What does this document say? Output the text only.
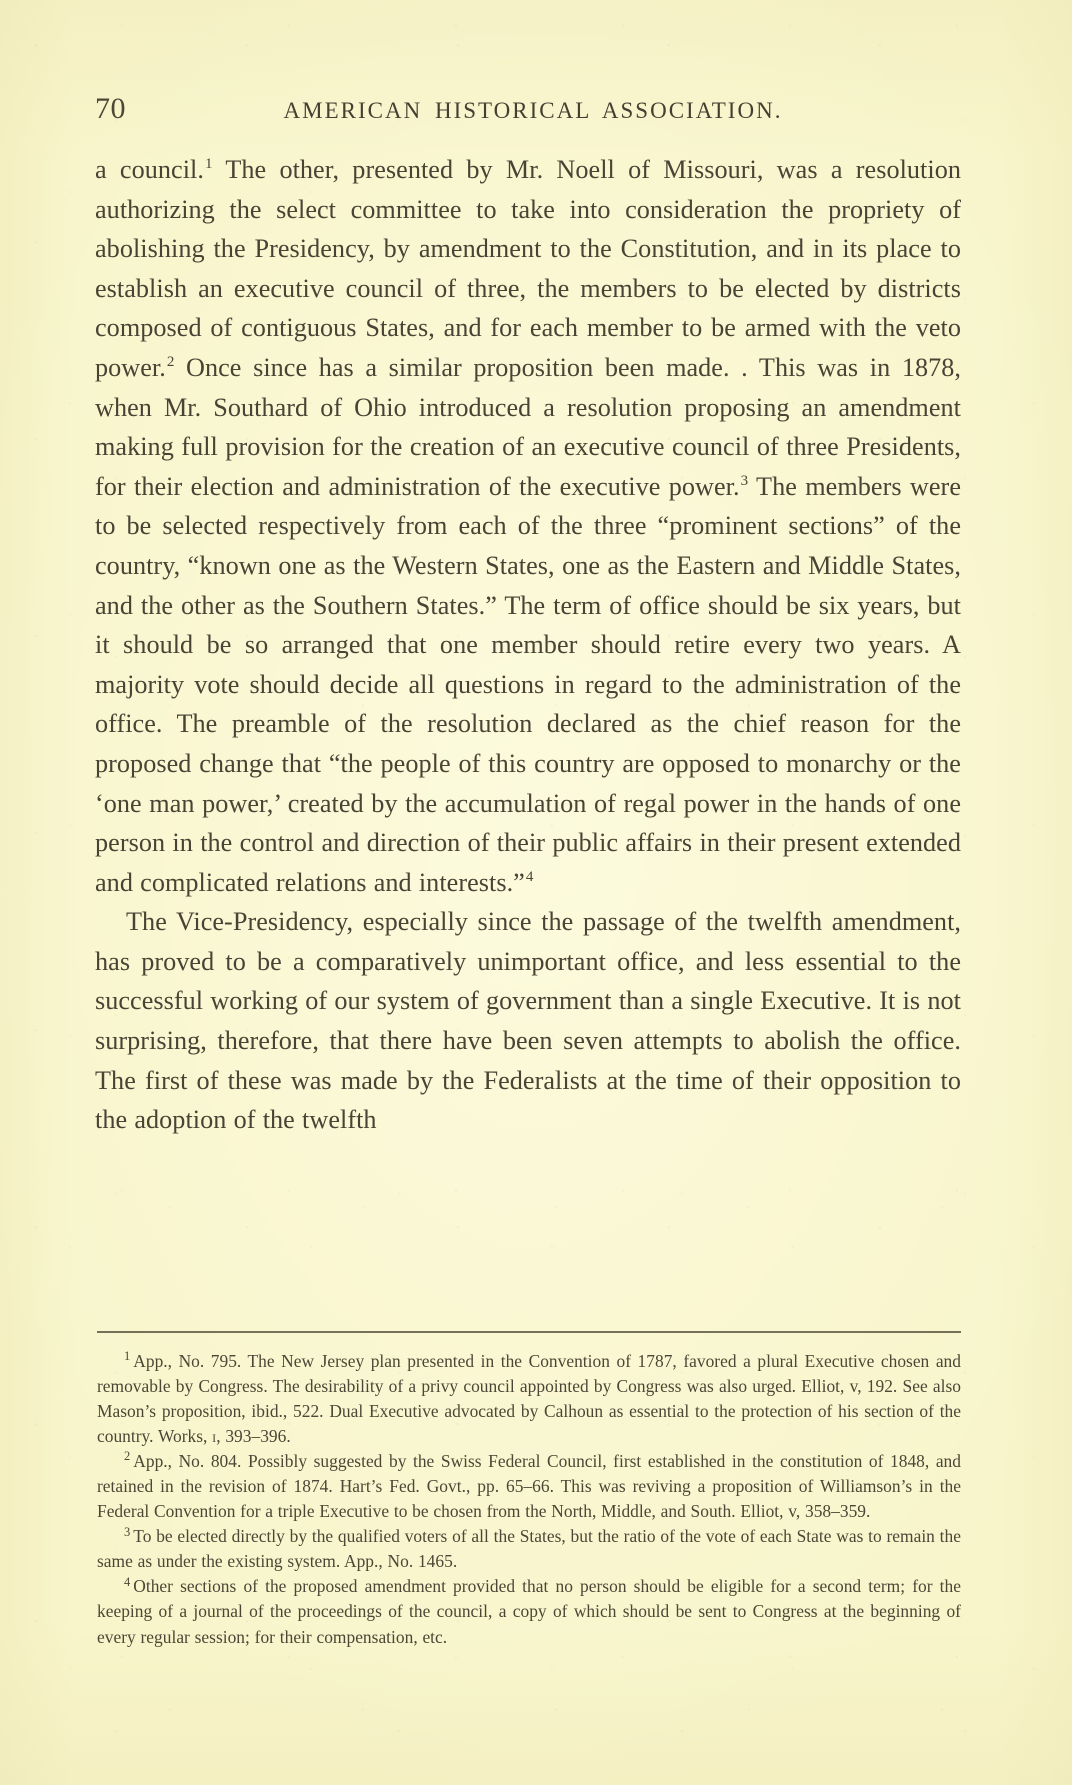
70	AMERICAN HISTORICAL ASSOCIATION.

a council.$^1$ The other, presented by Mr. Noell of Missouri, was a resolution authorizing the select committee to take into consideration the propriety of abolishing the Presidency, by amendment to the Constitution, and in its place to establish an executive council of three, the members to be elected by districts composed of contiguous States, and for each member to be armed with the veto power.$^2$ Once since has a similar proposition been made. . This was in 1878, when Mr. Southard of Ohio introduced a resolution proposing an amendment making full provision for the creation of an executive council of three Presidents, for their election and administration of the executive power.$^3$ The members were to be selected respectively from each of the three “prominent sections” of the country, “known one as the Western States, one as the Eastern and Middle States, and the other as the Southern States.” The term of office should be six years, but it should be so arranged that one member should retire every two years. A majority vote should decide all questions in regard to the administration of the office. The preamble of the resolution declared as the chief reason for the proposed change that “the people of this country are opposed to monarchy or the ‘one man power,’ created by the accumulation of regal power in the hands of one person in the control and direction of their public affairs in their present extended and complicated relations and interests.”$^4$

The Vice-Presidency, especially since the passage of the twelfth amendment, has proved to be a comparatively unimportant office, and less essential to the successful working of our system of government than a single Executive. It is not surprising, therefore, that there have been seven attempts to abolish the office. The first of these was made by the Federalists at the time of their opposition to the adoption of the twelfth

$^1$ App., No. 795. The New Jersey plan presented in the Convention of 1787, favored a plural Executive chosen and removable by Congress. The desirability of a privy council appointed by Congress was also urged. Elliot, v, 192. See also Mason’s proposition, ibid., 522. Dual Executive advocated by Calhoun as essential to the protection of his section of the country. Works, i, 393–396.

$^2$ App., No. 804. Possibly suggested by the Swiss Federal Council, first established in the constitution of 1848, and retained in the revision of 1874. Hart’s Fed. Govt., pp. 65–66. This was reviving a proposition of Williamson’s in the Federal Convention for a triple Executive to be chosen from the North, Middle, and South. Elliot, v, 358–359.

$^3$ To be elected directly by the qualified voters of all the States, but the ratio of the vote of each State was to remain the same as under the existing system. App., No. 1465.

$^4$ Other sections of the proposed amendment provided that no person should be eligible for a second term; for the keeping of a journal of the proceedings of the council, a copy of which should be sent to Congress at the beginning of every regular session; for their compensation, etc.
